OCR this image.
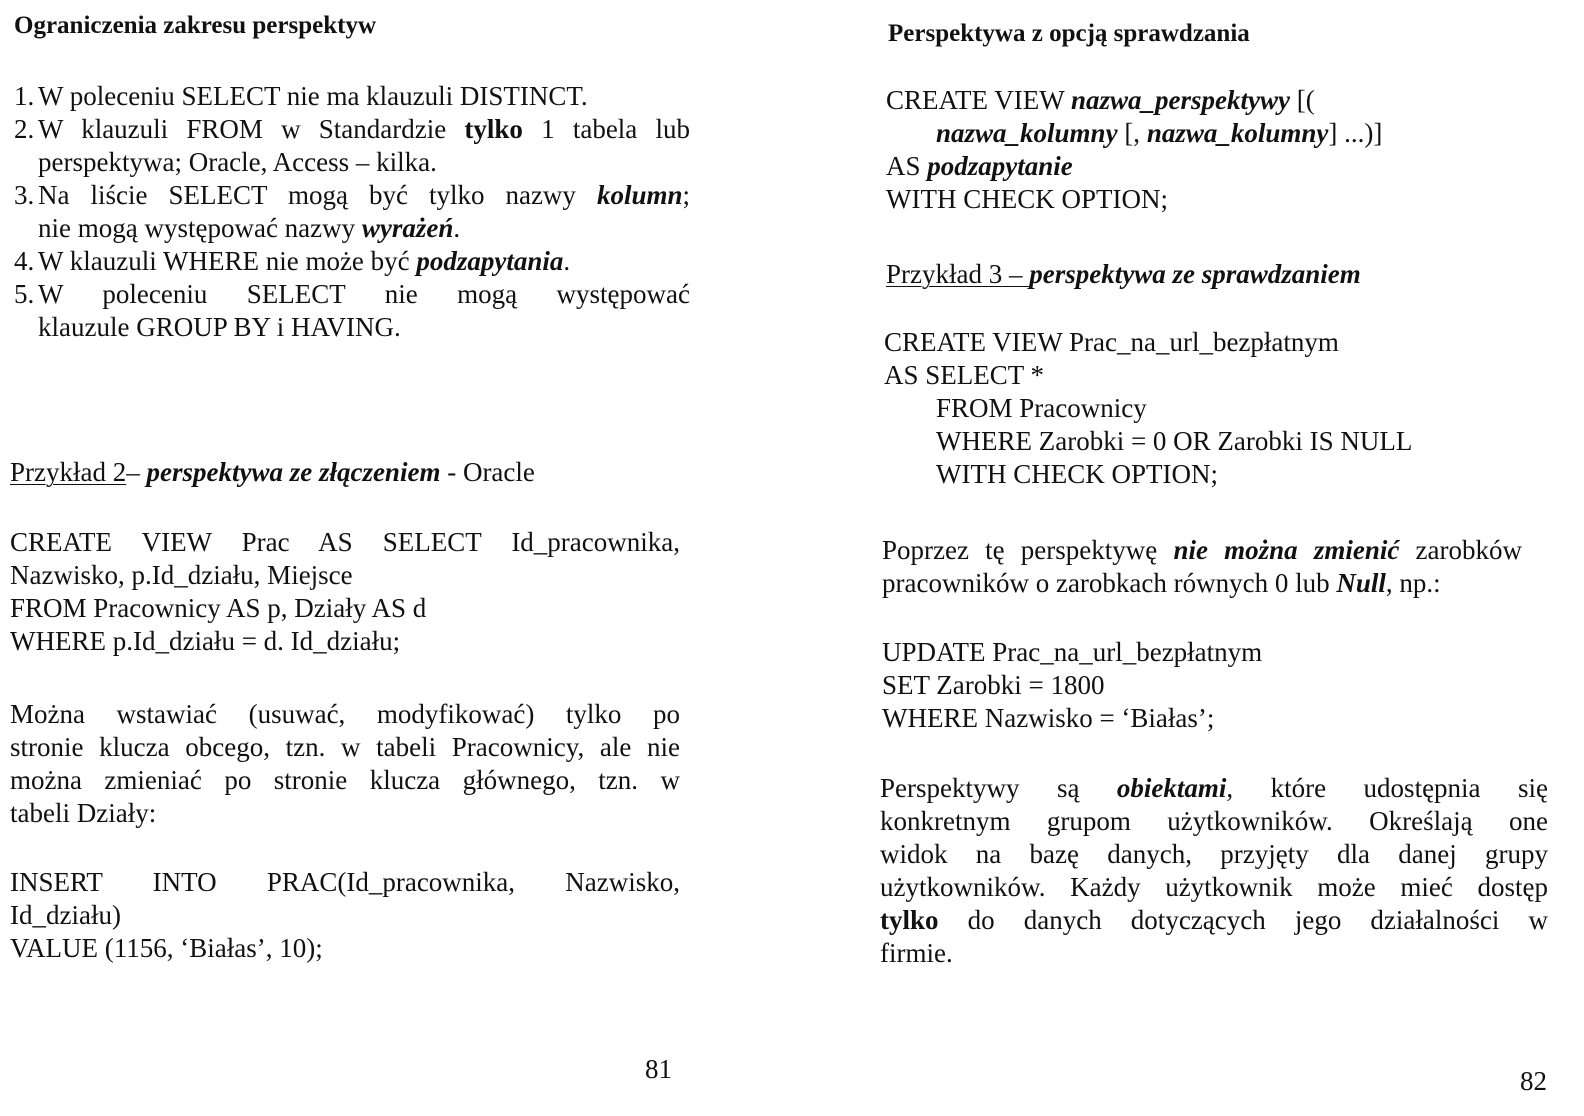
Ograniczenia zakresu perspektyw
1. W poleceniu SELECT nie ma klauzuli DISTINCT.
2. W klauzuli FROM w Standardzie tylko 1 tabela lub
perspektywa; Oracle, Access – kilka.
3. Na liście SELECT mogą być tylko nazwy kolumn;
nie mogą występować nazwy wyrażeń.
4. W klauzuli WHERE nie może być podzapytania.
5. W poleceniu SELECT nie mogą występować
klauzule GROUP BY i HAVING.
Przykład 2– perspektywa ze złączeniem - Oracle
CREATE VIEW Prac AS SELECT Id_pracownika,
Nazwisko, p.Id_działu, Miejsce
FROM Pracownicy AS p, Działy AS d
WHERE p.Id_działu = d. Id_działu;
Można wstawiać (usuwać, modyfikować) tylko po
stronie klucza obcego, tzn. w tabeli Pracownicy, ale nie
można zmieniać po stronie klucza głównego, tzn. w
tabeli Działy:
INSERT INTO PRAC(Id_pracownika, Nazwisko,
Id_działu)
VALUE (1156, ‘Białas’, 10);
81
Perspektywa z opcją sprawdzania
CREATE VIEW nazwa_perspektywy [(
nazwa_kolumny [, nazwa_kolumny] ...)]
AS podzapytanie
WITH CHECK OPTION;
Przykład 3 – perspektywa ze sprawdzaniem
CREATE VIEW Prac_na_url_bezpłatnym
AS SELECT *
FROM Pracownicy
WHERE Zarobki = 0 OR Zarobki IS NULL
WITH CHECK OPTION;
Poprzez tę perspektywę nie można zmienić zarobków
pracowników o zarobkach równych 0 lub Null, np.:
UPDATE Prac_na_url_bezpłatnym
SET Zarobki = 1800
WHERE Nazwisko = ‘Białas’;
Perspektywy są obiektami, które udostępnia się
konkretnym grupom użytkowników. Określają one
widok na bazę danych, przyjęty dla danej grupy
użytkowników. Każdy użytkownik może mieć dostęp
tylko do danych dotyczących jego działalności w
firmie.
82
